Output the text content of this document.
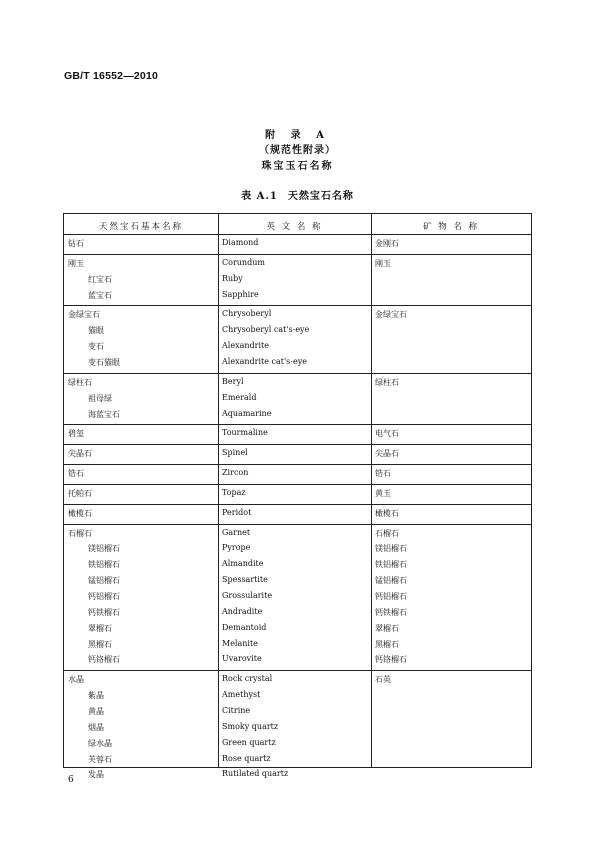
GB/T 16552—2010
附 录 A
（规范性附录）
珠宝玉石名称
表 A.1 天然宝石名称
天然宝石基本名称	英 文 名 称	矿 物 名 称
钻石	Diamond	金刚石
刚玉	Corundum	刚玉
红宝石	Ruby
蓝宝石	Sapphire
金绿宝石	Chrysoberyl	金绿宝石
猫眼	Chrysoberyl cat's-eye
变石	Alexandrite
变石猫眼	Alexandrite cat's-eye
绿柱石	Beryl	绿柱石
祖母绿	Emerald
海蓝宝石	Aquamarine
碧玺	Tourmaline	电气石
尖晶石	Spinel	尖晶石
锆石	Zircon	锆石
托帕石	Topaz	黄玉
橄榄石	Peridot	橄榄石
石榴石	Garnet	石榴石
镁铝榴石	Pyrope	镁铝榴石
铁铝榴石	Almandite	铁铝榴石
锰铝榴石	Spessartite	锰铝榴石
钙铝榴石	Grossularite	钙铝榴石
钙铁榴石	Andradite	钙铁榴石
翠榴石	Demantoid	翠榴石
黑榴石	Melanite	黑榴石
钙铬榴石	Uvarovite	钙铬榴石
水晶	Rock crystal	石英
紫晶	Amethyst
黄晶	Citrine
烟晶	Smoky quartz
绿水晶	Green quartz
芙蓉石	Rose quartz
发晶	Rutilated quartz
6
